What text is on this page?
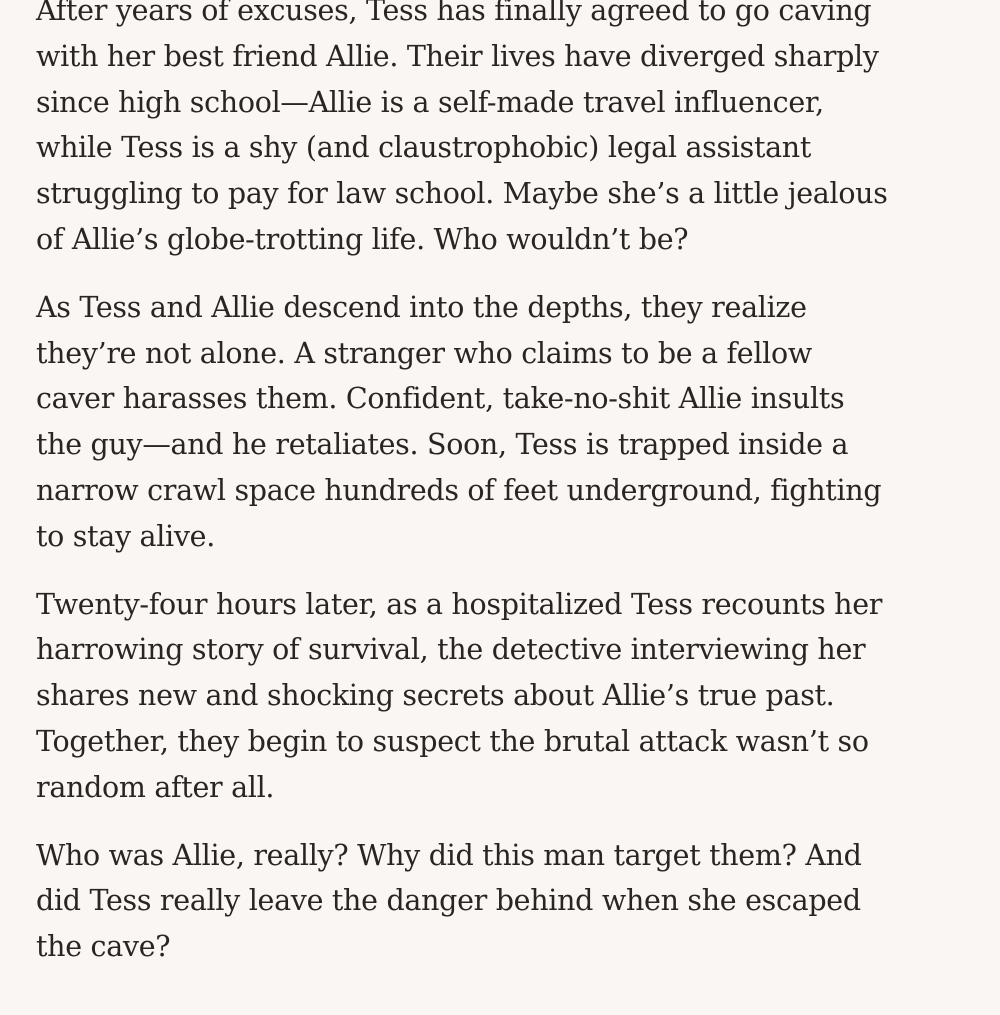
After years of excuses, Tess has finally agreed to go caving
with her best friend Allie. Their lives have diverged sharply
since high school—Allie is a self-made travel influencer,
while Tess is a shy (and claustrophobic) legal assistant
struggling to pay for law school. Maybe she’s a little jealous
of Allie’s globe-trotting life. Who wouldn’t be?

As Tess and Allie descend into the depths, they realize
they’re not alone. A stranger who claims to be a fellow
caver harasses them. Confident, take-no-shit Allie insults
the guy—and he retaliates. Soon, Tess is trapped inside a
narrow crawl space hundreds of feet underground, fighting
to stay alive.

Twenty-four hours later, as a hospitalized Tess recounts her
harrowing story of survival, the detective interviewing her
shares new and shocking secrets about Allie’s true past.
Together, they begin to suspect the brutal attack wasn’t so
random after all.

Who was Allie, really? Why did this man target them? And
did Tess really leave the danger behind when she escaped
the cave?
